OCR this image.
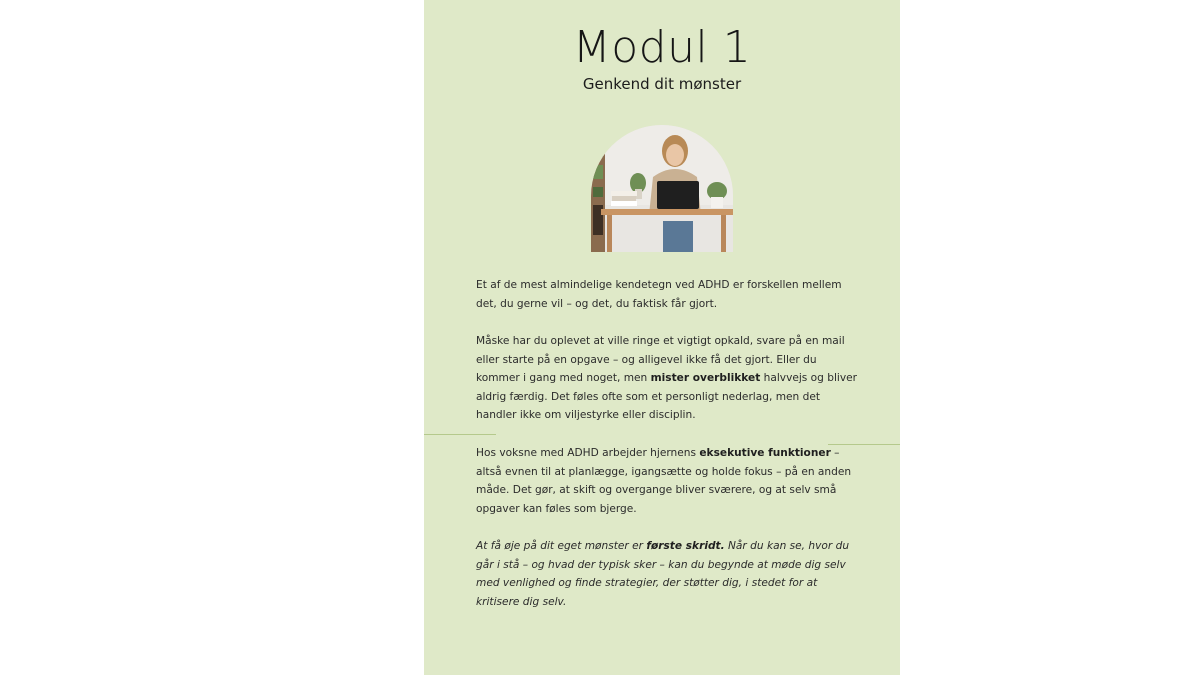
Modul 1
Genkend dit mønster

Et af de mest almindelige kendetegn ved ADHD er forskellen mellem det, du gerne vil – og det, du faktisk får gjort.

Måske har du oplevet at ville ringe et vigtigt opkald, svare på en mail eller starte på en opgave – og alligevel ikke få det gjort. Eller du kommer i gang med noget, men mister overblikket halvvejs og bliver aldrig færdig. Det føles ofte som et personligt nederlag, men det handler ikke om viljestyrke eller disciplin.

Hos voksne med ADHD arbejder hjernens eksekutive funktioner – altså evnen til at planlægge, igangsætte og holde fokus – på en anden måde. Det gør, at skift og overgange bliver sværere, og at selv små opgaver kan føles som bjerge.

At få øje på dit eget mønster er første skridt. Når du kan se, hvor du går i stå – og hvad der typisk sker – kan du begynde at møde dig selv med venlighed og finde strategier, der støtter dig, i stedet for at kritisere dig selv.
